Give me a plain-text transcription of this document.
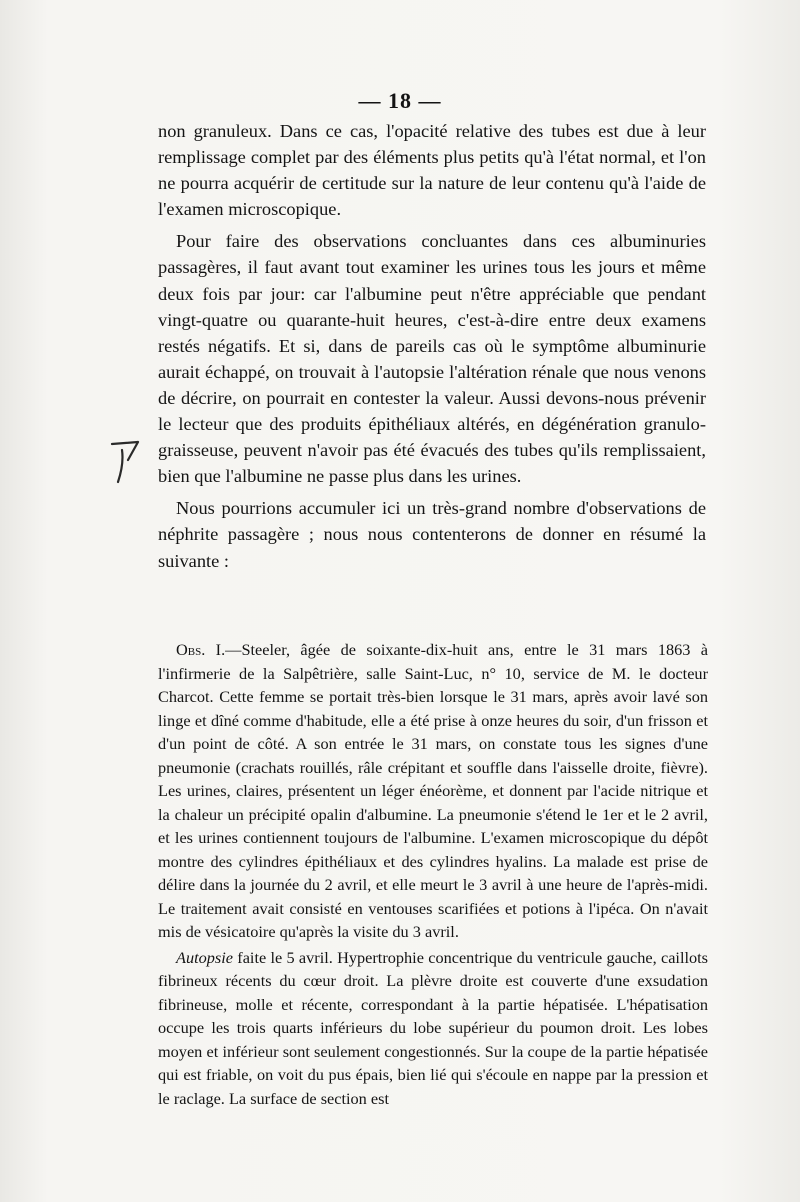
— 18 —

non granuleux. Dans ce cas, l'opacité relative des tubes est due à leur remplissage complet par des éléments plus petits qu'à l'état normal, et l'on ne pourra acquérir de certitude sur la nature de leur contenu qu'à l'aide de l'examen microscopique.

Pour faire des observations concluantes dans ces albuminuries passagères, il faut avant tout examiner les urines tous les jours et même deux fois par jour: car l'albumine peut n'être appréciable que pendant vingt-quatre ou quarante-huit heures, c'est-à-dire entre deux examens restés négatifs. Et si, dans de pareils cas où le symptôme albuminurie aurait échappé, on trouvait à l'autopsie l'altération rénale que nous venons de décrire, on pourrait en contester la valeur. Aussi devons-nous prévenir le lecteur que des produits épithéliaux altérés, en dégénération granulo-graisseuse, peuvent n'avoir pas été évacués des tubes qu'ils remplissaient, bien que l'albumine ne passe plus dans les urines.

Nous pourrions accumuler ici un très-grand nombre d'observations de néphrite passagère ; nous nous contenterons de donner en résumé la suivante :

Obs. I.—Steeler, âgée de soixante-dix-huit ans, entre le 31 mars 1863 à l'infirmerie de la Salpêtrière, salle Saint-Luc, n° 10, service de M. le docteur Charcot. Cette femme se portait très-bien lorsque le 31 mars, après avoir lavé son linge et dîné comme d'habitude, elle a été prise à onze heures du soir, d'un frisson et d'un point de côté. A son entrée le 31 mars, on constate tous les signes d'une pneumonie (crachats rouillés, râle crépitant et souffle dans l'aisselle droite, fièvre). Les urines, claires, présentent un léger énéorème, et donnent par l'acide nitrique et la chaleur un précipité opalin d'albumine. La pneumonie s'étend le 1er et le 2 avril, et les urines contiennent toujours de l'albumine. L'examen microscopique du dépôt montre des cylindres épithéliaux et des cylindres hyalins. La malade est prise de délire dans la journée du 2 avril, et elle meurt le 3 avril à une heure de l'après-midi. Le traitement avait consisté en ventouses scarifiées et potions à l'ipéca. On n'avait mis de vésicatoire qu'après la visite du 3 avril.

Autopsie faite le 5 avril. Hypertrophie concentrique du ventricule gauche, caillots fibrineux récents du cœur droit. La plèvre droite est couverte d'une exsudation fibrineuse, molle et récente, correspondant à la partie hépatisée. L'hépatisation occupe les trois quarts inférieurs du lobe supérieur du poumon droit. Les lobes moyen et inférieur sont seulement congestionnés. Sur la coupe de la partie hépatisée qui est friable, on voit du pus épais, bien lié qui s'écoule en nappe par la pression et le raclage. La surface de section est
